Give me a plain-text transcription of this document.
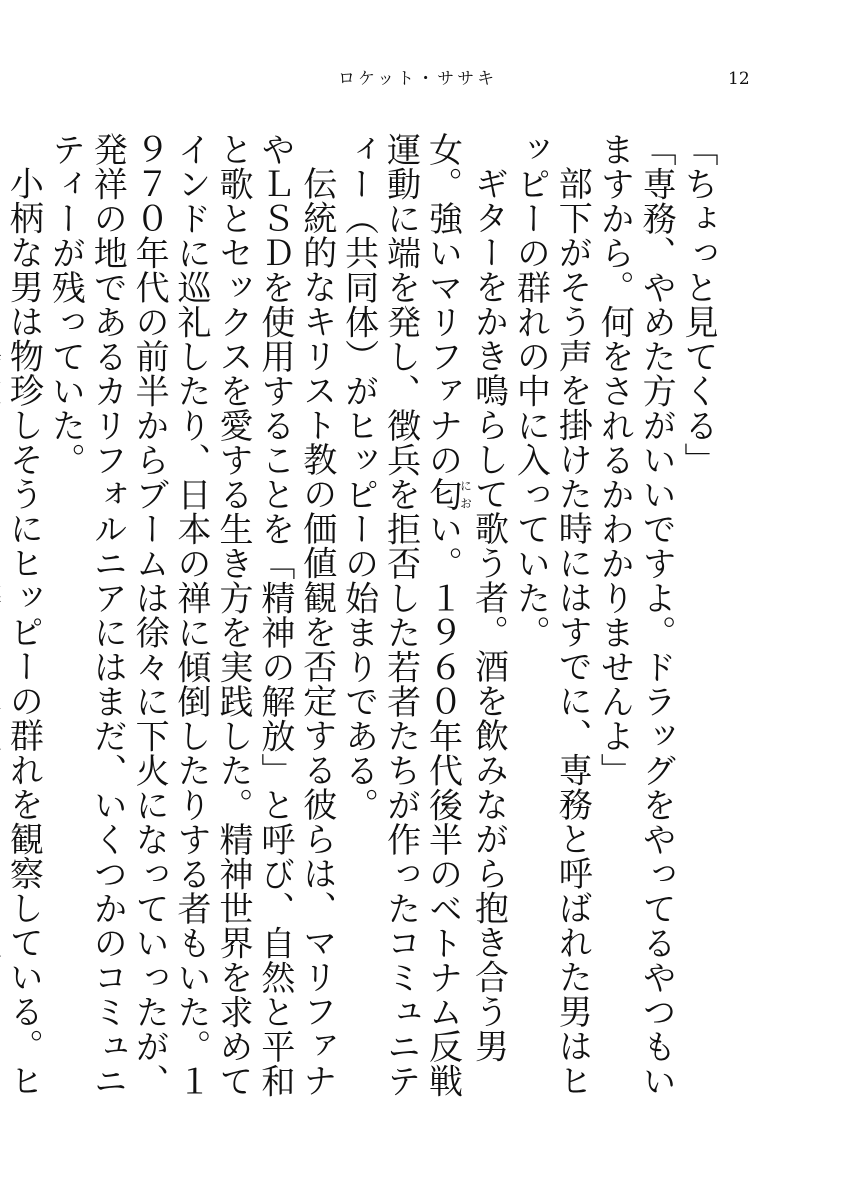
ロケット・ササキ	12

「ちょっと見てくる」

「専務、やめた方がいいですよ。ドラッグをやってるやつもいますから。何をされるかわかりませんよ」

部下がそう声を掛けた時にはすでに、専務と呼ばれた男はヒッピーの群れの中に入っていた。

ギターをかき鳴らして歌う者。酒を飲みながら抱き合う男女。強いマリファナの匂におい。１９６０年代後半のベトナム反戦運動に端を発し、徴兵を拒否した若者たちが作ったコミュニティー（共同体）がヒッピーの始まりである。

伝統的なキリスト教の価値観を否定する彼らは、マリファナやＬＳＤを使用することを「精神の解放」と呼び、自然と平和と歌とセックスを愛する生き方を実践した。精神世界を求めてインドに巡礼したり、日本の禅に傾倒したりする者もいた。１９７０年代の前半からブームは徐々に下火になっていったが、発祥の地であるカリフォルニアにはまだ、いくつかのコミュニティーが残っていた。

小柄な男は物珍しそうにヒッピーの群れを観察している。ヒ
